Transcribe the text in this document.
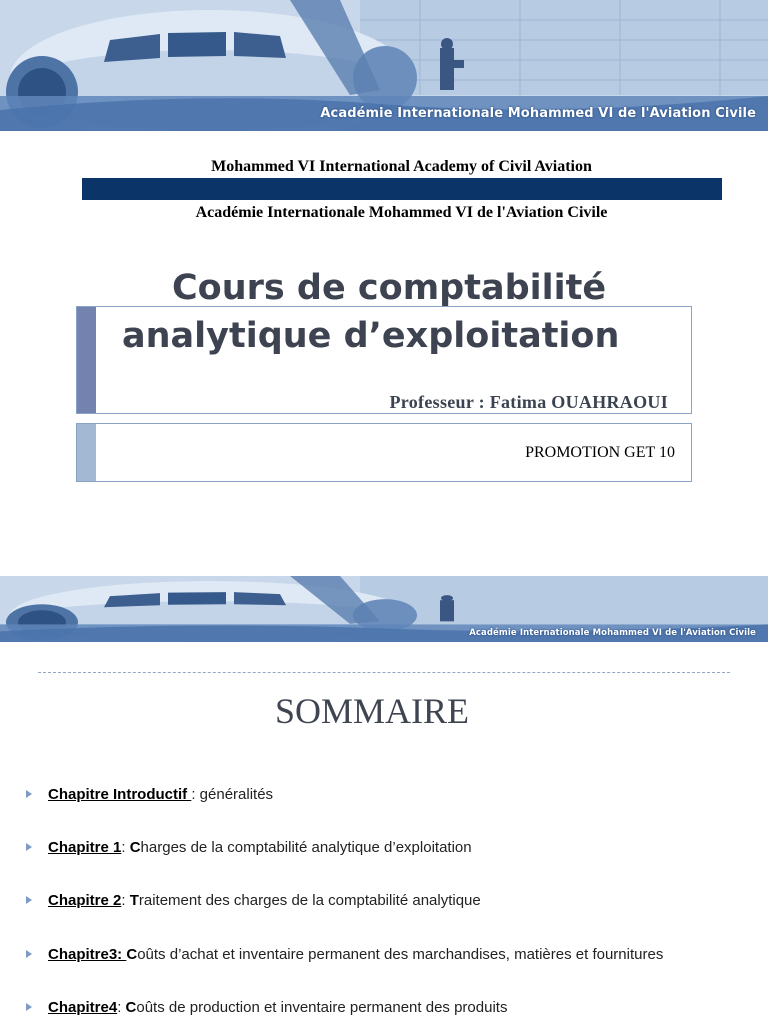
Académie Internationale Mohammed VI de l'Aviation Civile
Mohammed VI International Academy of Civil Aviation
Académie Internationale Mohammed VI de l'Aviation Civile
Cours de comptabilité
analytique d’exploitation
Professeur : Fatima OUAHRAOUI
PROMOTION GET 10
Académie Internationale Mohammed VI de l'Aviation Civile
SOMMAIRE
Chapitre Introductif : généralités
Chapitre 1: Charges de la comptabilité analytique d’exploitation
Chapitre 2: Traitement des charges de la comptabilité analytique
Chapitre3: Coûts d’achat et inventaire permanent des marchandises, matières et fournitures
Chapitre4: Coûts de production et inventaire permanent des produits
